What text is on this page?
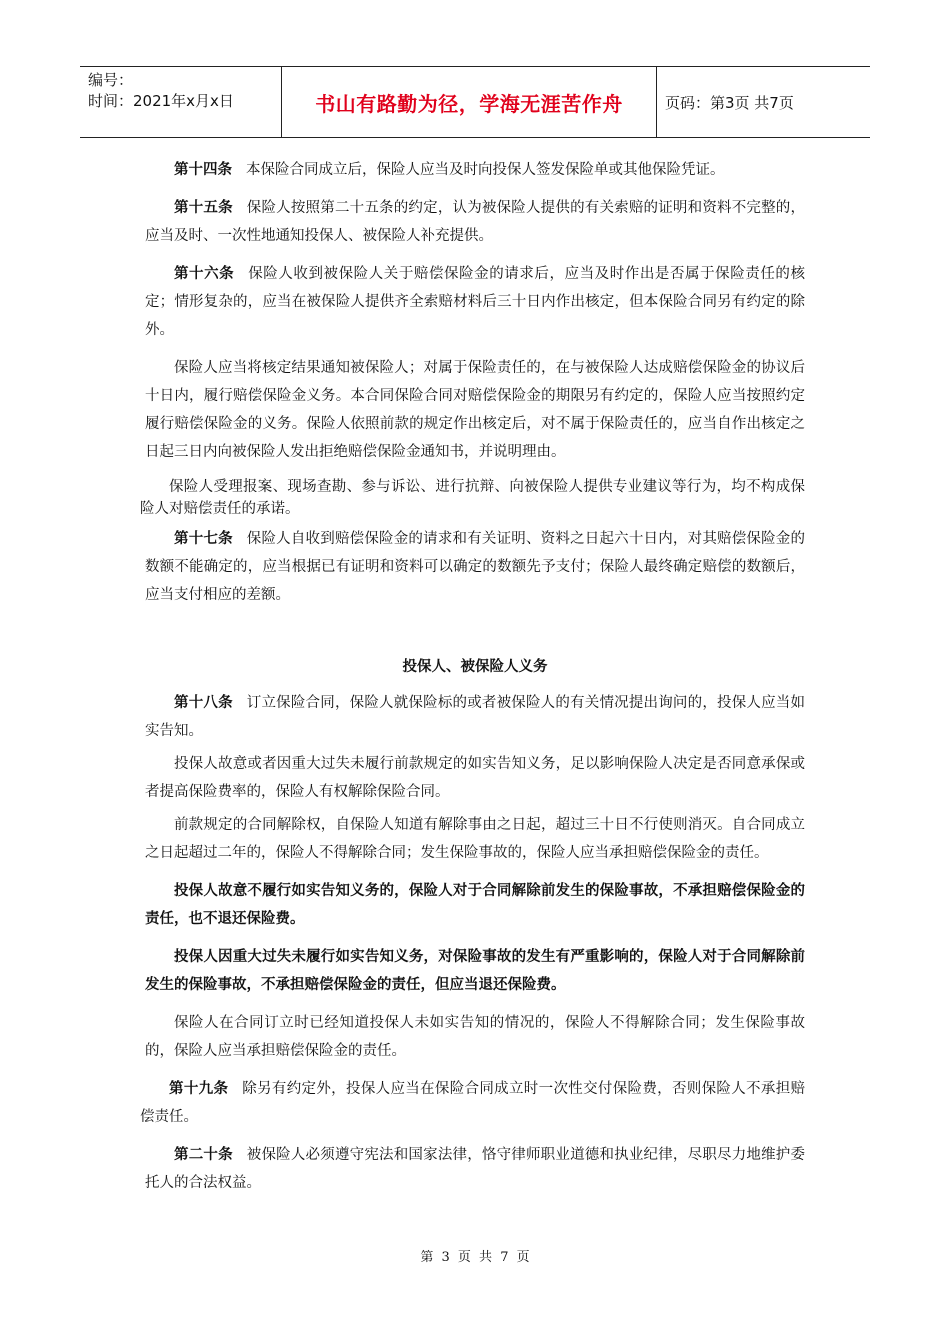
编号：
时间：2021年x月x日	书山有路勤为径，学海无涯苦作舟	页码：第3页 共7页

第十四条 本保险合同成立后，保险人应当及时向投保人签发保险单或其他保险凭证。

第十五条 保险人按照第二十五条的约定，认为被保险人提供的有关索赔的证明和资料不完整的，应当及时、一次性地通知投保人、被保险人补充提供。

第十六条 保险人收到被保险人关于赔偿保险金的请求后，应当及时作出是否属于保险责任的核定；情形复杂的，应当在被保险人提供齐全索赔材料后三十日内作出核定，但本保险合同另有约定的除外。

保险人应当将核定结果通知被保险人；对属于保险责任的，在与被保险人达成赔偿保险金的协议后十日内，履行赔偿保险金义务。本合同保险合同对赔偿保险金的期限另有约定的，保险人应当按照约定履行赔偿保险金的义务。保险人依照前款的规定作出核定后，对不属于保险责任的，应当自作出核定之日起三日内向被保险人发出拒绝赔偿保险金通知书，并说明理由。

保险人受理报案、现场查勘、参与诉讼、进行抗辩、向被保险人提供专业建议等行为，均不构成保险人对赔偿责任的承诺。

第十七条 保险人自收到赔偿保险金的请求和有关证明、资料之日起六十日内，对其赔偿保险金的数额不能确定的，应当根据已有证明和资料可以确定的数额先予支付；保险人最终确定赔偿的数额后，应当支付相应的差额。

投保人、被保险人义务

第十八条 订立保险合同，保险人就保险标的或者被保险人的有关情况提出询问的，投保人应当如实告知。

投保人故意或者因重大过失未履行前款规定的如实告知义务，足以影响保险人决定是否同意承保或者提高保险费率的，保险人有权解除保险合同。

前款规定的合同解除权，自保险人知道有解除事由之日起，超过三十日不行使则消灭。自合同成立之日起超过二年的，保险人不得解除合同；发生保险事故的，保险人应当承担赔偿保险金的责任。

投保人故意不履行如实告知义务的，保险人对于合同解除前发生的保险事故，不承担赔偿保险金的责任，也不退还保险费。

投保人因重大过失未履行如实告知义务，对保险事故的发生有严重影响的，保险人对于合同解除前发生的保险事故，不承担赔偿保险金的责任，但应当退还保险费。

保险人在合同订立时已经知道投保人未如实告知的情况的，保险人不得解除合同；发生保险事故的，保险人应当承担赔偿保险金的责任。

第十九条 除另有约定外，投保人应当在保险合同成立时一次性交付保险费，否则保险人不承担赔偿责任。

第二十条 被保险人必须遵守宪法和国家法律，恪守律师职业道德和执业纪律，尽职尽力地维护委托人的合法权益。

第 3 页 共 7 页
